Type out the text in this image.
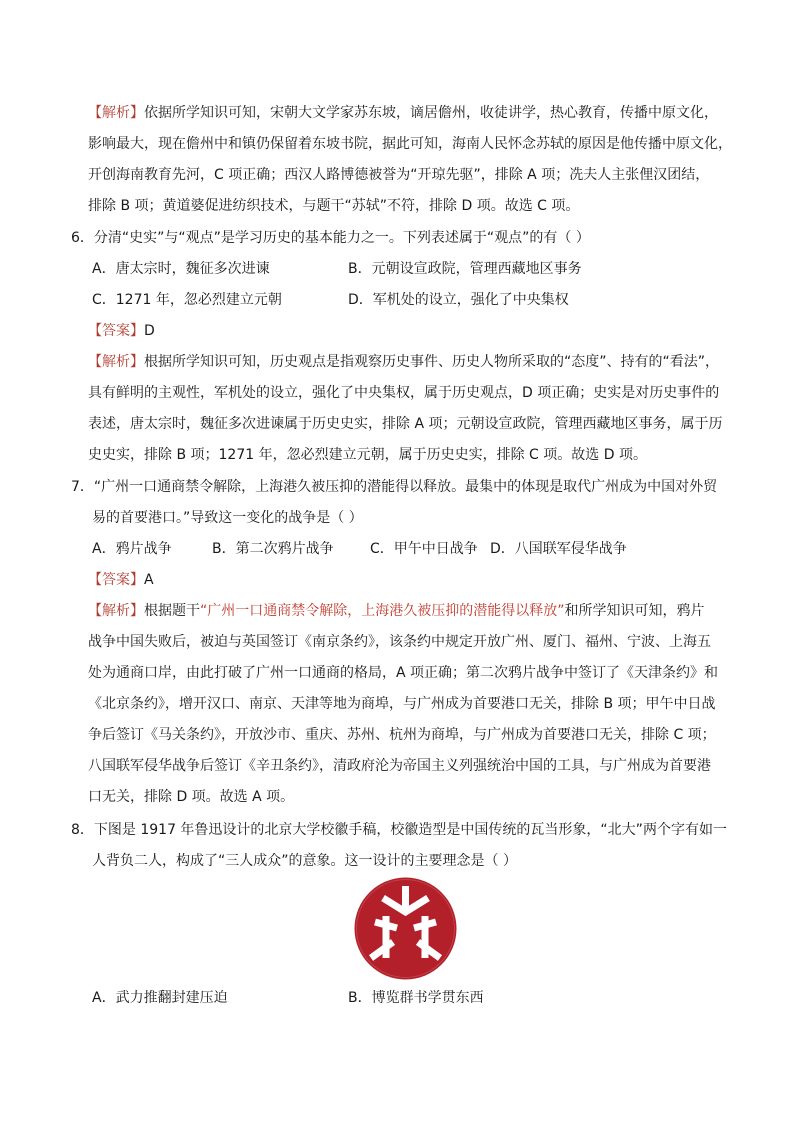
【解析】依据所学知识可知，宋朝大文学家苏东坡，谪居儋州，收徒讲学，热心教育，传播中原文化，
影响最大，现在儋州中和镇仍保留着东坡书院，据此可知，海南人民怀念苏轼的原因是他传播中原文化，
开创海南教育先河，C 项正确；西汉人路博德被誉为“开琼先驱”，排除 A 项；冼夫人主张俚汉团结，
排除 B 项；黄道婆促进纺织技术，与题干“苏轼”不符，排除 D 项。故选 C 项。
6．分清“史实”与“观点”是学习历史的基本能力之一。下列表述属于“观点”的有（ ）
A．唐太宗时，魏征多次进谏	B．元朝设宣政院，管理西藏地区事务
C．1271 年，忽必烈建立元朝	D．军机处的设立，强化了中央集权
【答案】D
【解析】根据所学知识可知，历史观点是指观察历史事件、历史人物所采取的“态度”、持有的“看法”，
具有鲜明的主观性，军机处的设立，强化了中央集权，属于历史观点，D 项正确；史实是对历史事件的
表述，唐太宗时，魏征多次进谏属于历史史实，排除 A 项；元朝设宣政院，管理西藏地区事务，属于历
史史实，排除 B 项；1271 年，忽必烈建立元朝，属于历史史实，排除 C 项。故选 D 项。
7．“广州一口通商禁令解除，上海港久被压抑的潜能得以释放。最集中的体现是取代广州成为中国对外贸
易的首要港口。”导致这一变化的战争是（ ）
A．鸦片战争	B．第二次鸦片战争	C．甲午中日战争 D．八国联军侵华战争
【答案】A
【解析】根据题干“广州一口通商禁令解除，上海港久被压抑的潜能得以释放”和所学知识可知，鸦片
战争中国失败后，被迫与英国签订《南京条约》，该条约中规定开放广州、厦门、福州、宁波、上海五
处为通商口岸，由此打破了广州一口通商的格局，A 项正确；第二次鸦片战争中签订了《天津条约》和
《北京条约》，增开汉口、南京、天津等地为商埠，与广州成为首要港口无关，排除 B 项；甲午中日战
争后签订《马关条约》，开放沙市、重庆、苏州、杭州为商埠，与广州成为首要港口无关，排除 C 项；
八国联军侵华战争后签订《辛丑条约》，清政府沦为帝国主义列强统治中国的工具，与广州成为首要港
口无关，排除 D 项。故选 A 项。
8．下图是 1917 年鲁迅设计的北京大学校徽手稿，校徽造型是中国传统的瓦当形象，“北大”两个字有如一
人背负二人，构成了“三人成众”的意象。这一设计的主要理念是（ ）
A．武力推翻封建压迫	B．博览群书学贯东西
